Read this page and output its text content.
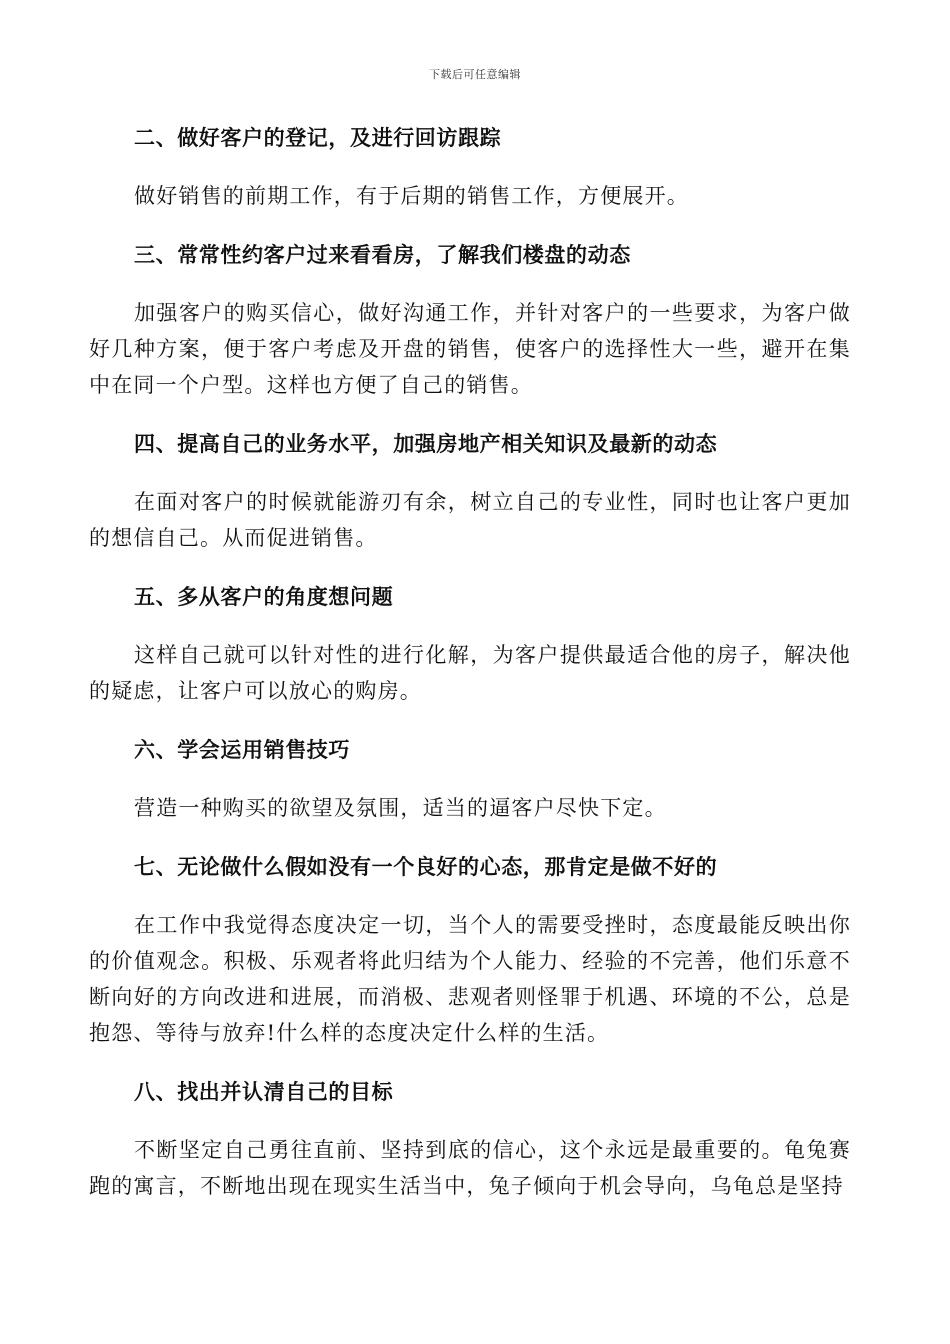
下载后可任意编辑

二、做好客户的登记，及进行回访跟踪

做好销售的前期工作，有于后期的销售工作，方便展开。

三、常常性约客户过来看看房，了解我们楼盘的动态

加强客户的购买信心，做好沟通工作，并针对客户的一些要求，为客户做好几种方案，便于客户考虑及开盘的销售，使客户的选择性大一些，避开在集中在同一个户型。这样也方便了自己的销售。

四、提高自己的业务水平，加强房地产相关知识及最新的动态

在面对客户的时候就能游刃有余，树立自己的专业性，同时也让客户更加的想信自己。从而促进销售。

五、多从客户的角度想问题

这样自己就可以针对性的进行化解，为客户提供最适合他的房子，解决他的疑虑，让客户可以放心的购房。

六、学会运用销售技巧

营造一种购买的欲望及氛围，适当的逼客户尽快下定。

七、无论做什么假如没有一个良好的心态，那肯定是做不好的

在工作中我觉得态度决定一切，当个人的需要受挫时，态度最能反映出你的价值观念。积极、乐观者将此归结为个人能力、经验的不完善，他们乐意不断向好的方向改进和进展，而消极、悲观者则怪罪于机遇、环境的不公，总是抱怨、等待与放弃!什么样的态度决定什么样的生活。

八、找出并认清自己的目标

不断坚定自己勇往直前、坚持到底的信心，这个永远是最重要的。龟兔赛跑的寓言，不断地出现在现实生活当中，兔子倾向于机会导向，乌龟总是坚持
